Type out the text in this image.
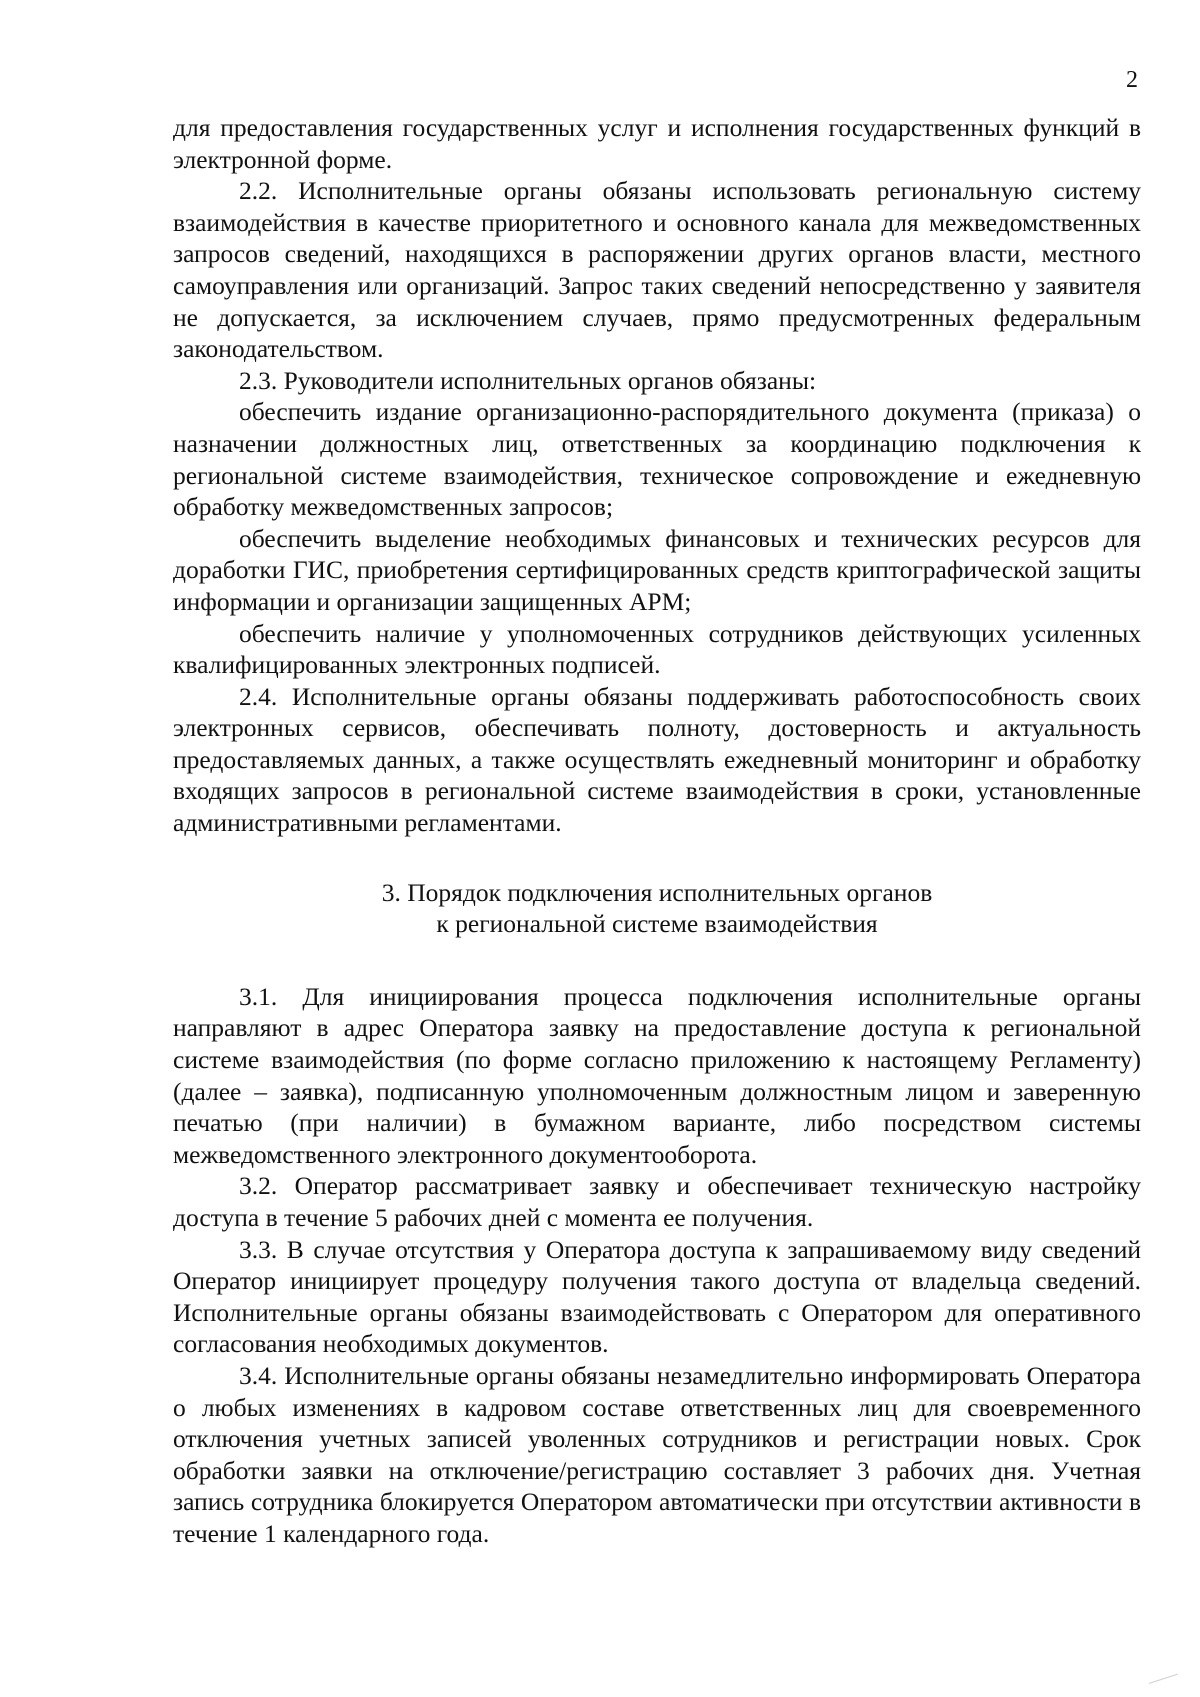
2

для предоставления государственных услуг и исполнения государственных функций в электронной форме.

2.2. Исполнительные органы обязаны использовать региональную систему взаимодействия в качестве приоритетного и основного канала для межведомственных запросов сведений, находящихся в распоряжении других органов власти, местного самоуправления или организаций. Запрос таких сведений непосредственно у заявителя не допускается, за исключением случаев, прямо предусмотренных федеральным законодательством.

2.3. Руководители исполнительных органов обязаны:

обеспечить издание организационно-распорядительного документа (приказа) о назначении должностных лиц, ответственных за координацию подключения к региональной системе взаимодействия, техническое сопровождение и ежедневную обработку межведомственных запросов;

обеспечить выделение необходимых финансовых и технических ресурсов для доработки ГИС, приобретения сертифицированных средств криптографической защиты информации и организации защищенных АРМ;

обеспечить наличие у уполномоченных сотрудников действующих усиленных квалифицированных электронных подписей.

2.4. Исполнительные органы обязаны поддерживать работоспособность своих электронных сервисов, обеспечивать полноту, достоверность и актуальность предоставляемых данных, а также осуществлять ежедневный мониторинг и обработку входящих запросов в региональной системе взаимодействия в сроки, установленные административными регламентами.

3. Порядок подключения исполнительных органов
к региональной системе взаимодействия

3.1. Для инициирования процесса подключения исполнительные органы направляют в адрес Оператора заявку на предоставление доступа к региональной системе взаимодействия (по форме согласно приложению к настоящему Регламенту) (далее – заявка), подписанную уполномоченным должностным лицом и заверенную печатью (при наличии) в бумажном варианте, либо посредством системы межведомственного электронного документооборота.

3.2. Оператор рассматривает заявку и обеспечивает техническую настройку доступа в течение 5 рабочих дней с момента ее получения.

3.3. В случае отсутствия у Оператора доступа к запрашиваемому виду сведений Оператор инициирует процедуру получения такого доступа от владельца сведений. Исполнительные органы обязаны взаимодействовать с Оператором для оперативного согласования необходимых документов.

3.4. Исполнительные органы обязаны незамедлительно информировать Оператора о любых изменениях в кадровом составе ответственных лиц для своевременного отключения учетных записей уволенных сотрудников и регистрации новых. Срок обработки заявки на отключение/регистрацию составляет 3 рабочих дня. Учетная запись сотрудника блокируется Оператором автоматически при отсутствии активности в течение 1 календарного года.
